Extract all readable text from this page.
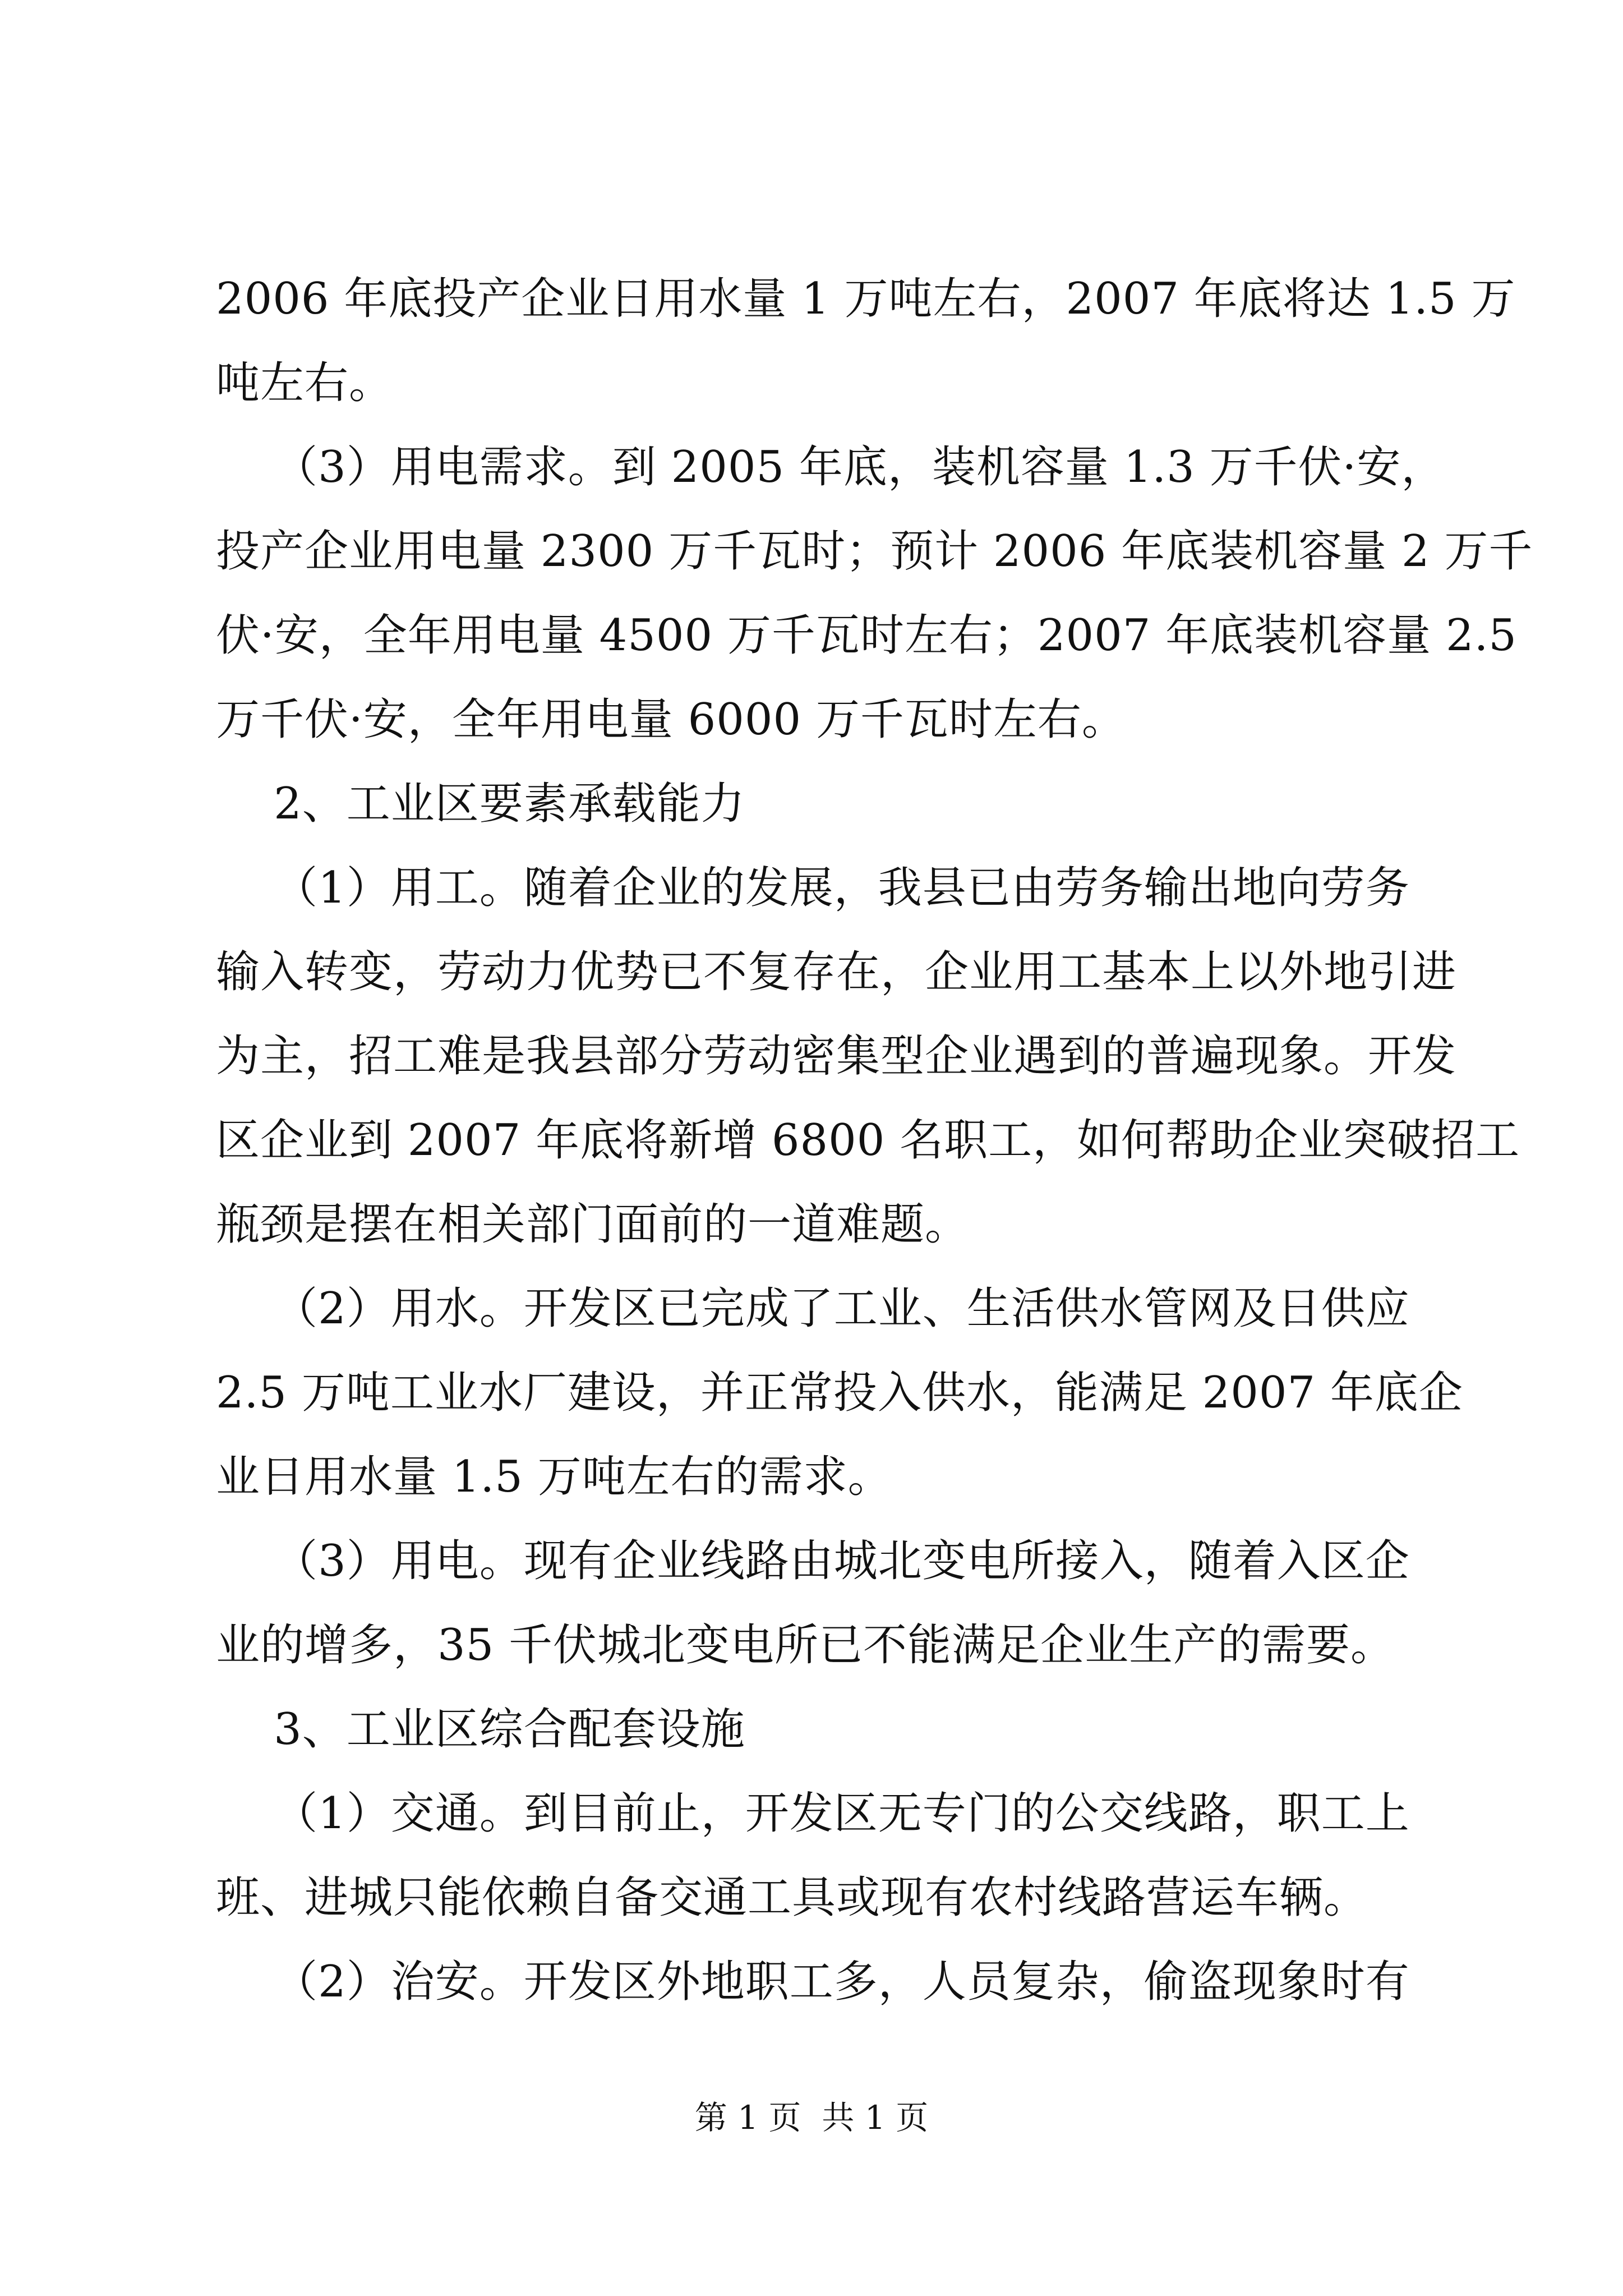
2006 年底投产企业日用水量 1 万吨左右，2007 年底将达 1.5 万
吨左右。
（3）用电需求。到 2005 年底，装机容量 1.3 万千伏·安，
投产企业用电量 2300 万千瓦时；预计 2006 年底装机容量 2 万千
伏·安，全年用电量 4500 万千瓦时左右；2007 年底装机容量 2.5
万千伏·安，全年用电量 6000 万千瓦时左右。
2、工业区要素承载能力
（1）用工。随着企业的发展，我县已由劳务输出地向劳务
输入转变，劳动力优势已不复存在，企业用工基本上以外地引进
为主，招工难是我县部分劳动密集型企业遇到的普遍现象。开发
区企业到 2007 年底将新增 6800 名职工，如何帮助企业突破招工
瓶颈是摆在相关部门面前的一道难题。
（2）用水。开发区已完成了工业、生活供水管网及日供应
2.5 万吨工业水厂建设，并正常投入供水，能满足 2007 年底企
业日用水量 1.5 万吨左右的需求。
（3）用电。现有企业线路由城北变电所接入，随着入区企
业的增多，35 千伏城北变电所已不能满足企业生产的需要。
3、工业区综合配套设施
（1）交通。到目前止，开发区无专门的公交线路，职工上
班、进城只能依赖自备交通工具或现有农村线路营运车辆。
（2）治安。开发区外地职工多，人员复杂，偷盗现象时有
第 1 页  共 1 页
